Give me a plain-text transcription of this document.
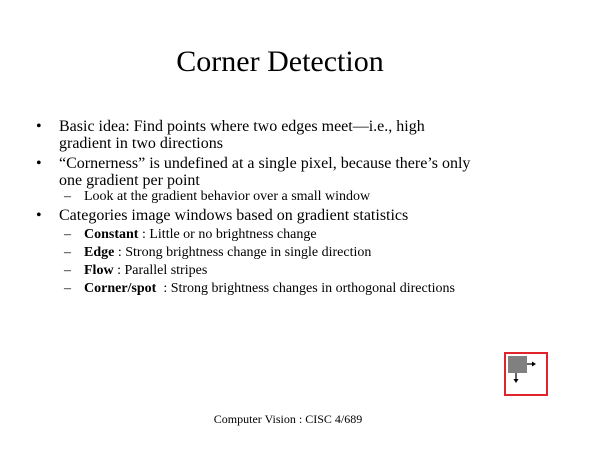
Corner Detection
• Basic idea: Find points where two edges meet—i.e., high gradient in two directions
• “Cornerness” is undefined at a single pixel, because there’s only one gradient per point
– Look at the gradient behavior over a small window
• Categories image windows based on gradient statistics
– Constant : Little or no brightness change
– Edge : Strong brightness change in single direction
– Flow : Parallel stripes
– Corner/spot  : Strong brightness changes in orthogonal directions
Computer Vision : CISC 4/689
